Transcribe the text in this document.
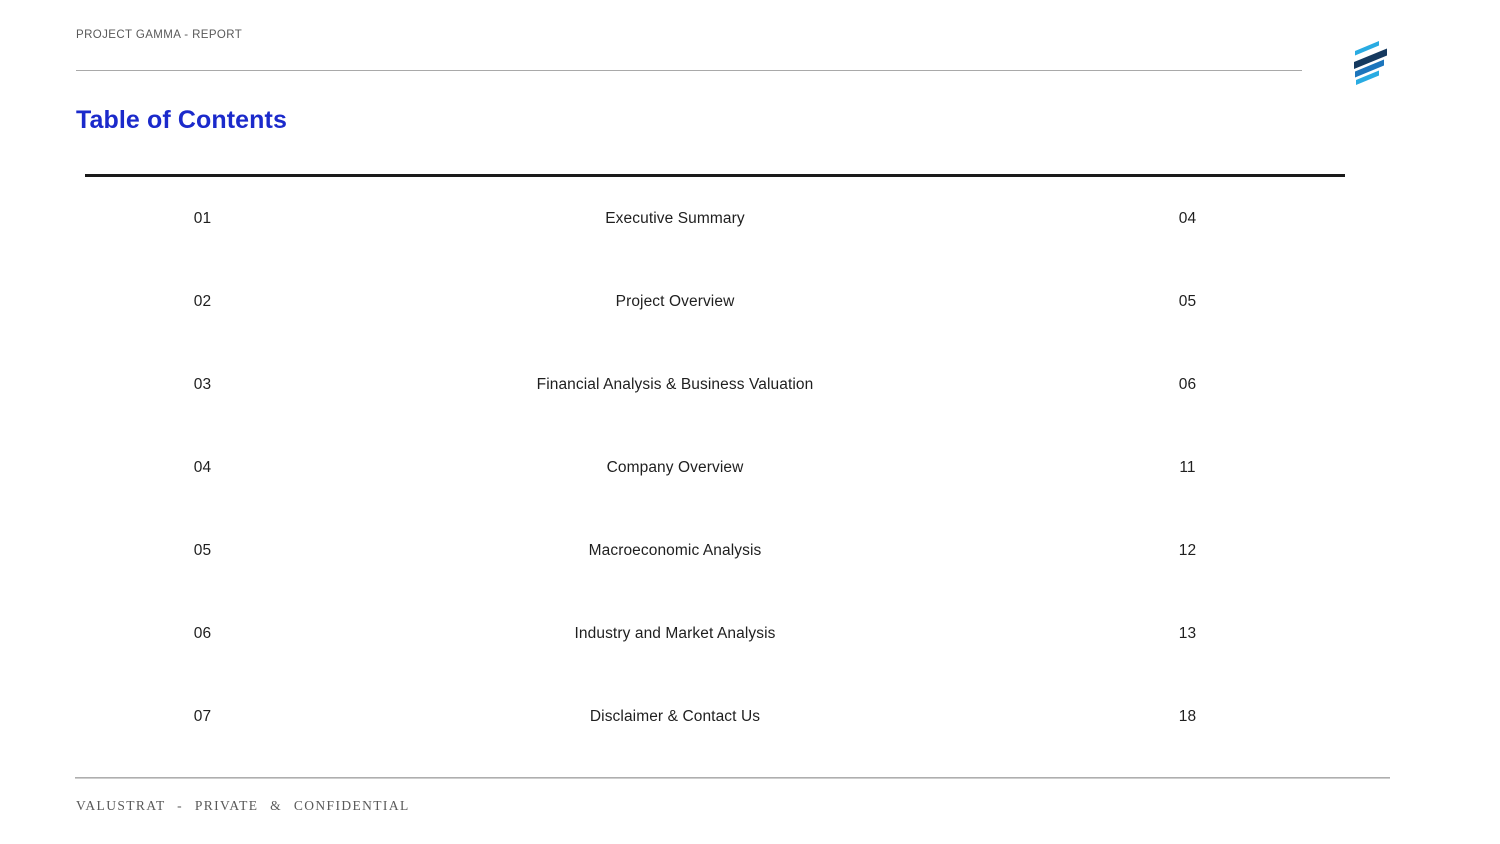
PROJECT GAMMA - REPORT
Table of Contents
01	Executive Summary	04
02	Project Overview	05
03	Financial Analysis & Business Valuation	06
04	Company Overview	11
05	Macroeconomic Analysis	12
06	Industry and Market Analysis	13
07	Disclaimer & Contact Us	18
VALUSTRAT - PRIVATE & CONFIDENTIAL
